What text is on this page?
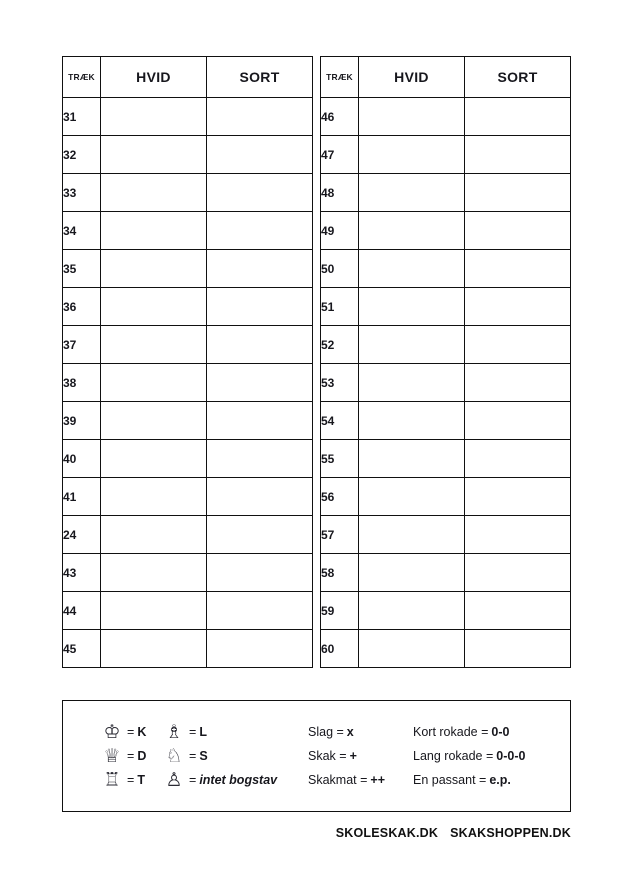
TRÆK	HVID	SORT
31		
32		
33		
34		
35		
36		
37		
38		
39		
40		
41		
24		
43		
44		
45		
TRÆK	HVID	SORT
46		
47		
48		
49		
50		
51		
52		
53		
54		
55		
56		
57		
58		
59		
60		
♔ = K
♕ = D
♖ = T
♗ = L
♘ = S
♙ = intet bogstav
Slag = x
Skak = +
Skakmat = ++
Kort rokade = 0-0
Lang rokade = 0-0-0
En passant = e.p.
SKOLESKAK.DK SKAKSHOPPEN.DK
